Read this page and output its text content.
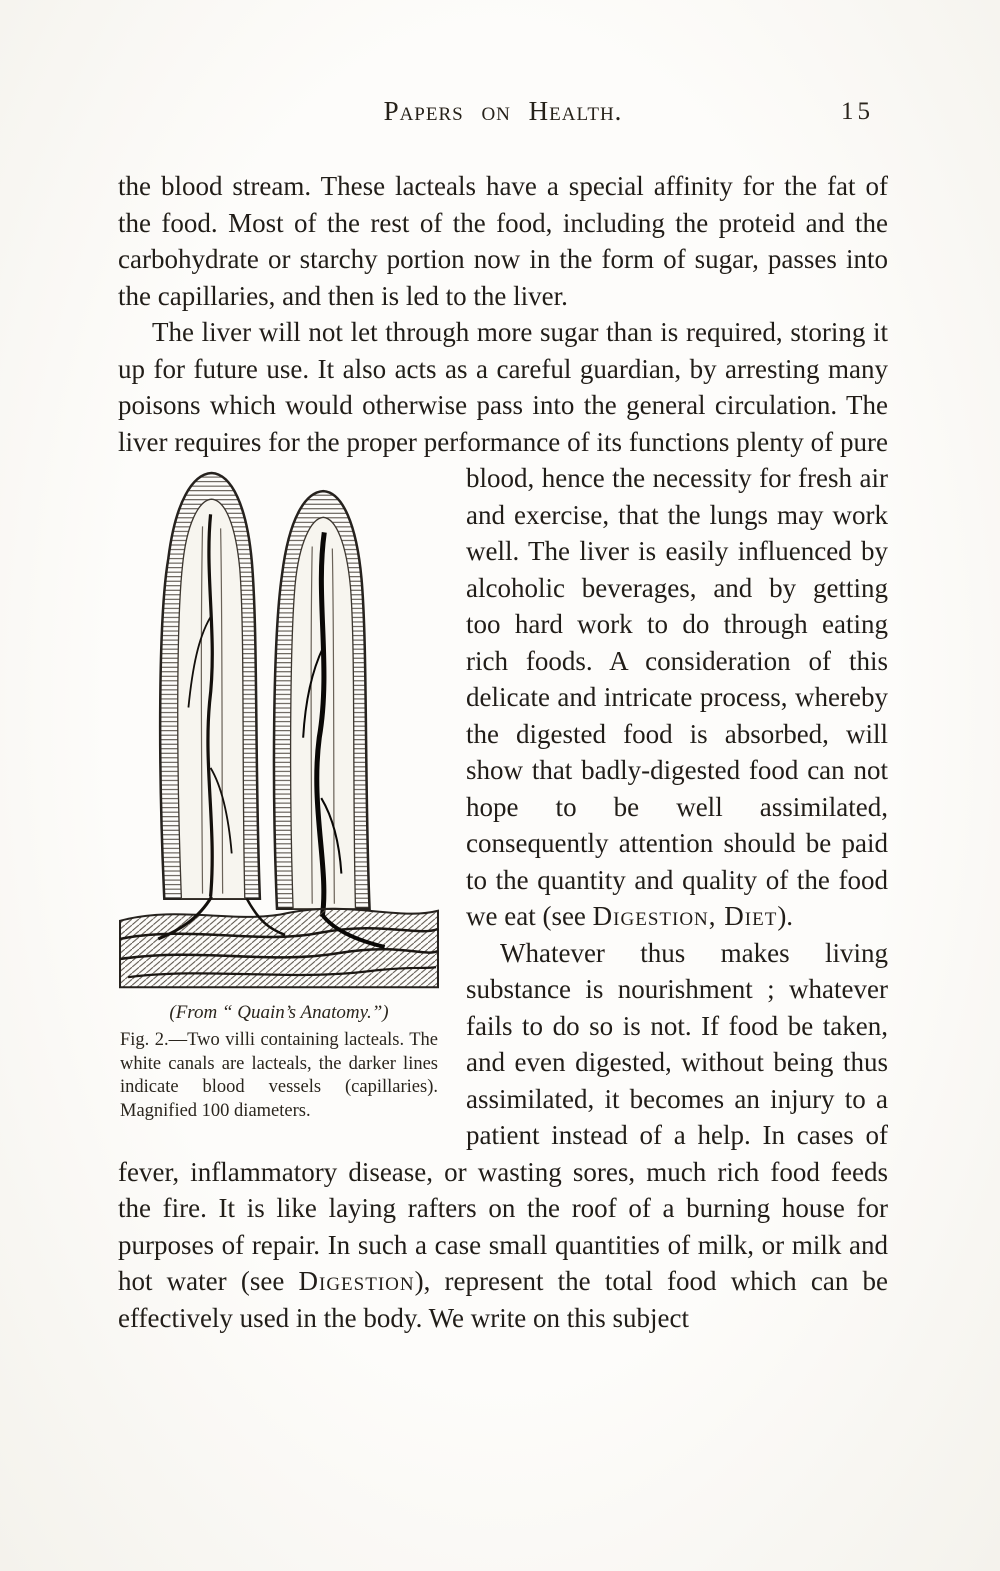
Papers on Health.	15

the blood stream. These lacteals have a special affinity for the fat of the food. Most of the rest of the food, including the proteid and the carbohydrate or starchy portion now in the form of sugar, passes into the capillaries, and then is led to the liver.

The liver will not let through more sugar than is required, storing it up for future use. It also acts as a careful guardian, by arresting many poisons which would otherwise pass into the general circulation. The liver requires for the proper performance of its functions
(From “ Quain’s Anatomy.”)
Fig. 2.—Two villi containing lacteals. The white canals are lacteals, the darker lines indicate blood vessels (capillaries). Magnified 100 diameters.
plenty of pure blood, hence the necessity for fresh air and exercise, that the lungs may work well. The liver is easily influenced by alcoholic beverages, and by getting too hard work to do through eating rich foods. A consideration of this delicate and intricate process, whereby the digested food is absorbed, will show that badly-digested food can not hope to be well assimilated, consequently attention should be paid to the quantity and quality of the food we eat (see Digestion, Diet).

Whatever thus makes living substance is nourishment ; whatever fails to do so is not. If food be taken, and even digested, without being thus assimilated, it becomes an injury to a patient instead of a help. In cases of fever, inflammatory disease, or wasting sores, much rich food feeds the fire. It is like laying rafters on the roof of a burning house for purposes of repair. In such a case small quantities of milk, or milk and hot water (see Digestion), represent the total food which can be effectively used in the body. We write on this subject
